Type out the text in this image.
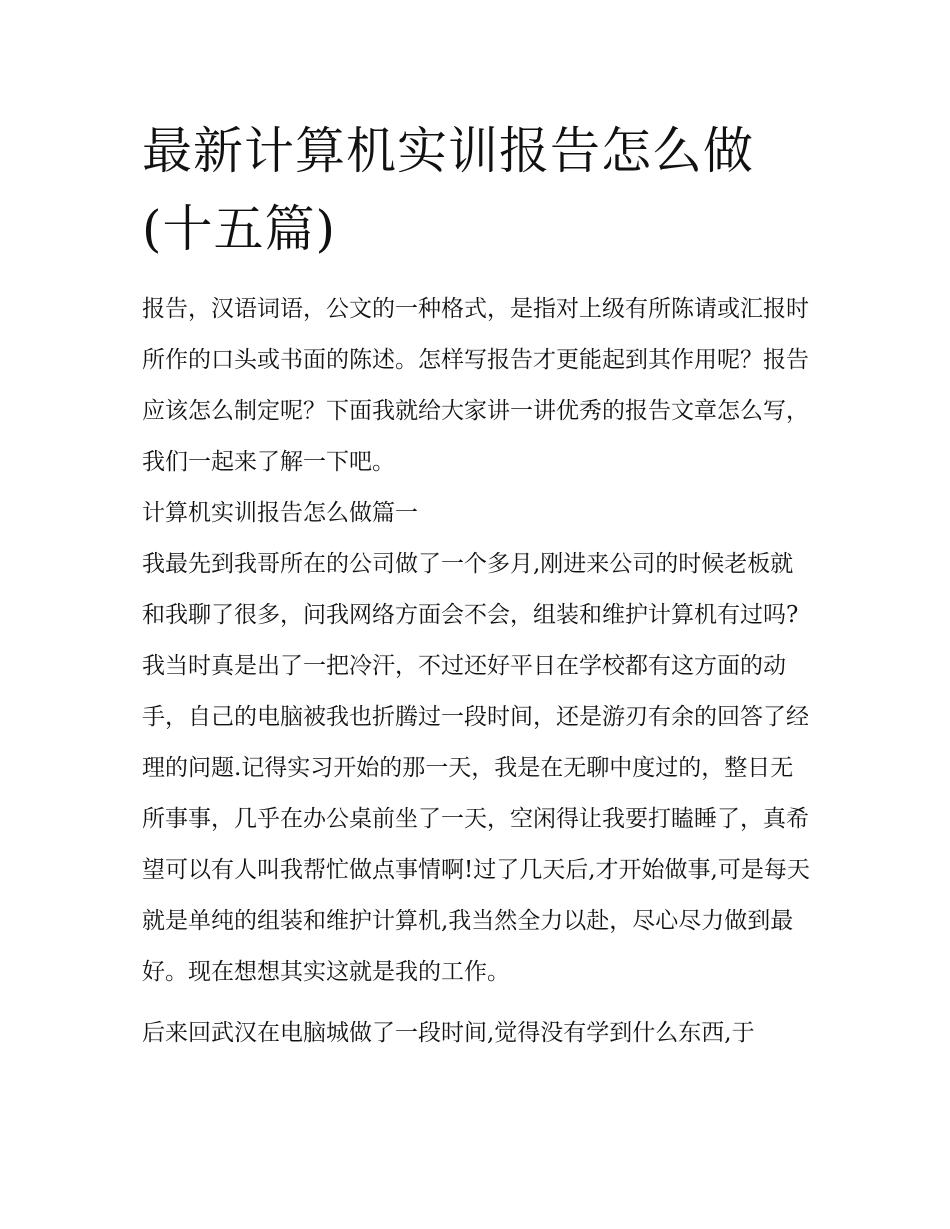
最新计算机实训报告怎么做(十五篇)

报告，汉语词语，公文的一种格式，是指对上级有所陈请或汇报时所作的口头或书面的陈述。怎样写报告才更能起到其作用呢？报告应该怎么制定呢？下面我就给大家讲一讲优秀的报告文章怎么写，我们一起来了解一下吧。

计算机实训报告怎么做篇一

我最先到我哥所在的公司做了一个多月,刚进来公司的时候老板就和我聊了很多，问我网络方面会不会，组装和维护计算机有过吗?我当时真是出了一把冷汗，不过还好平日在学校都有这方面的动手，自己的电脑被我也折腾过一段时间，还是游刃有余的回答了经理的问题.记得实习开始的那一天，我是在无聊中度过的，整日无所事事，几乎在办公桌前坐了一天，空闲得让我要打瞌睡了，真希望可以有人叫我帮忙做点事情啊!过了几天后,才开始做事,可是每天就是单纯的组装和维护计算机,我当然全力以赴，尽心尽力做到最好。现在想想其实这就是我的工作。

后来回武汉在电脑城做了一段时间,觉得没有学到什么东西,于
